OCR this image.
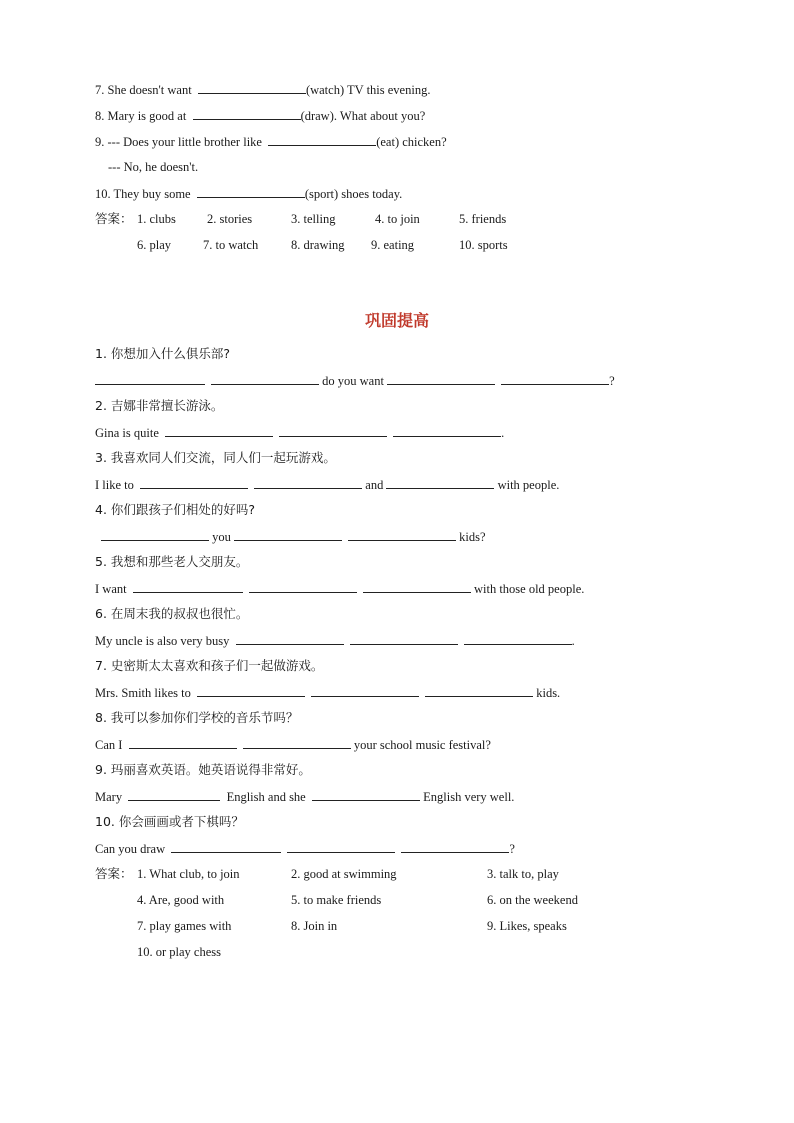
7. She doesn't want	(watch) TV this evening.
8. Mary is good at	(draw). What about you?
9. --- Does your little brother like	(eat) chicken?
--- No, he doesn't.
10. They buy some	(sport) shoes today.
答案： 1. clubs 2. stories	3. telling	4. to join	5. friends
6. play	7. to watch	8. drawing 9. eating	10. sports
巩固提高
1. 你想加入什么俱乐部?
do you want	?
2. 吉娜非常擅长游泳。
Gina is quite	.
3. 我喜欢同人们交流，同人们一起玩游戏。
I like to	and	with people.
4. 你们跟孩子们相处的好吗?
you	kids?
5. 我想和那些老人交朋友。
I want	with those old people.
6. 在周末我的叔叔也很忙。
My uncle is also very busy	.
7. 史密斯太太喜欢和孩子们一起做游戏。
Mrs. Smith likes to	kids.
8. 我可以参加你们学校的音乐节吗？
Can I	your school music festival?
9. 玛丽喜欢英语。她英语说得非常好。
Mary	English and she	English very well.
10. 你会画画或者下棋吗？
Can you draw	?
答案： 1. What club, to join	2. good at swimming	3. talk to, play
4. Are, good with	5. to make friends	6. on the weekend
7. play games with	8. Join in	9. Likes, speaks
10. or play chess
